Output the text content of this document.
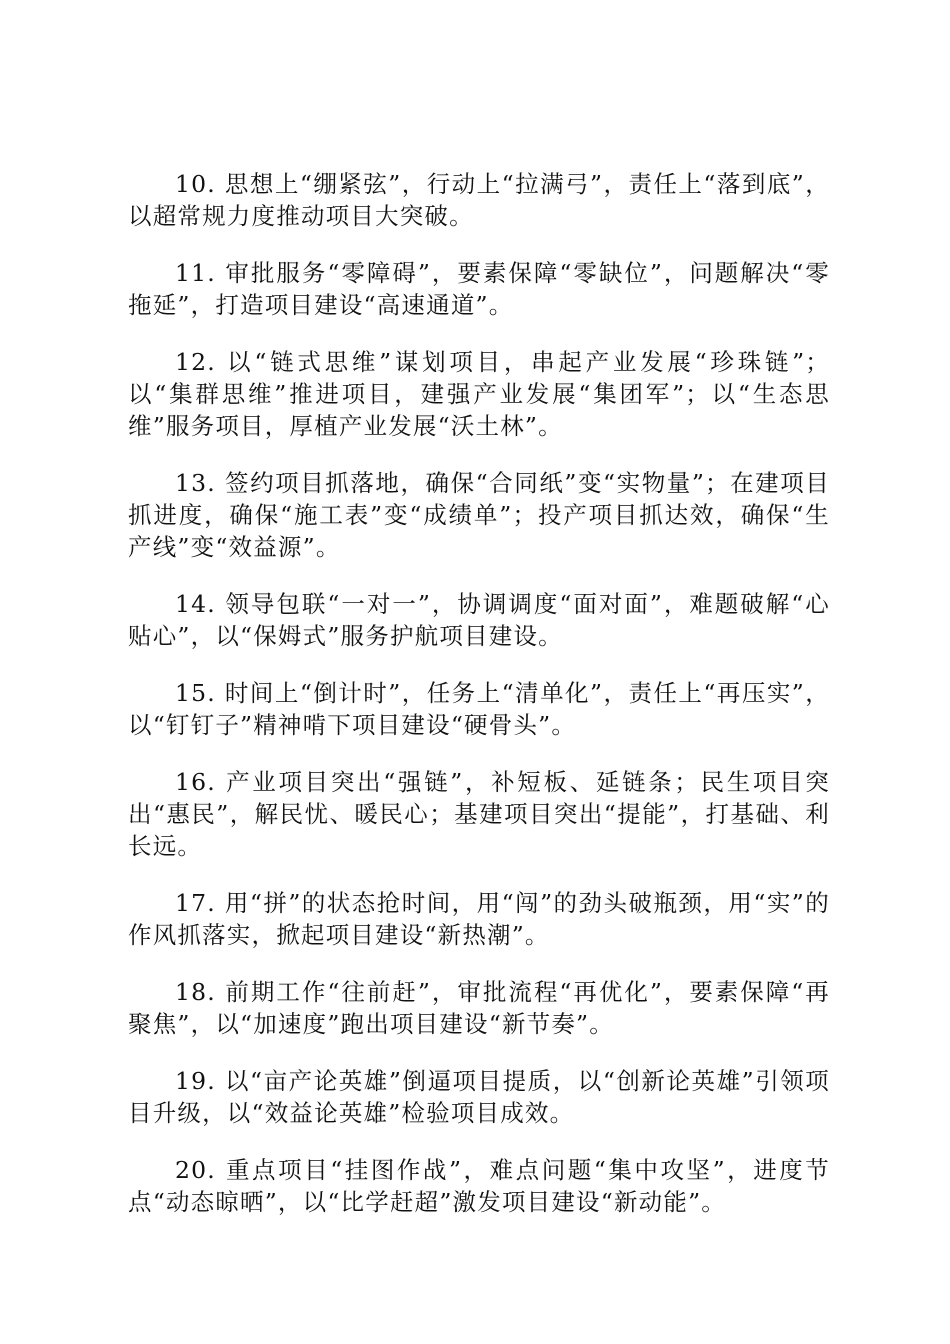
10. 思想上“绷紧弦”，行动上“拉满弓”，责任上“落到底”，以超常规力度推动项目大突破。

11. 审批服务“零障碍”，要素保障“零缺位”，问题解决“零拖延”，打造项目建设“高速通道”。

12. 以“链式思维”谋划项目，串起产业发展“珍珠链”；以“集群思维”推进项目，建强产业发展“集团军”；以“生态思维”服务项目，厚植产业发展“沃土林”。

13. 签约项目抓落地，确保“合同纸”变“实物量”；在建项目抓进度，确保“施工表”变“成绩单”；投产项目抓达效，确保“生产线”变“效益源”。

14. 领导包联“一对一”，协调调度“面对面”，难题破解“心贴心”，以“保姆式”服务护航项目建设。

15. 时间上“倒计时”，任务上“清单化”，责任上“再压实”，以“钉钉子”精神啃下项目建设“硬骨头”。

16. 产业项目突出“强链”，补短板、延链条；民生项目突出“惠民”，解民忧、暖民心；基建项目突出“提能”，打基础、利长远。

17. 用“拼”的状态抢时间，用“闯”的劲头破瓶颈，用“实”的作风抓落实，掀起项目建设“新热潮”。

18. 前期工作“往前赶”，审批流程“再优化”，要素保障“再聚焦”，以“加速度”跑出项目建设“新节奏”。

19. 以“亩产论英雄”倒逼项目提质，以“创新论英雄”引领项目升级，以“效益论英雄”检验项目成效。

20. 重点项目“挂图作战”，难点问题“集中攻坚”，进度节点“动态晾晒”，以“比学赶超”激发项目建设“新动能”。
